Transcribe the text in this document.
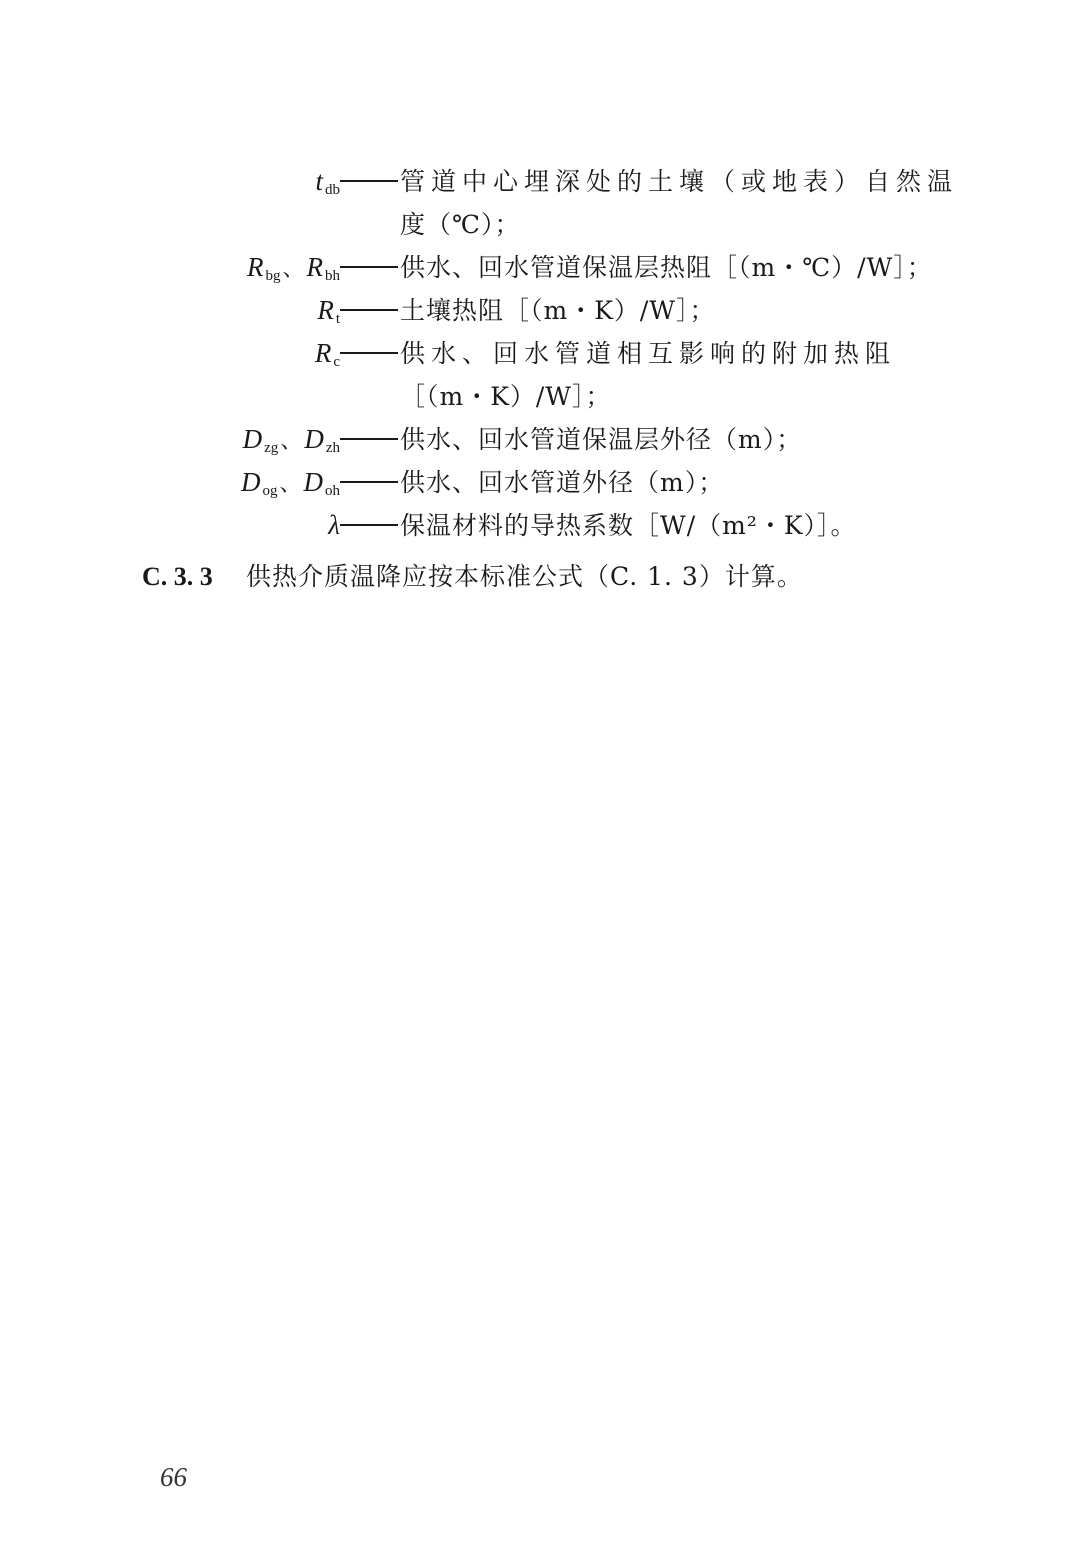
t $_{db}$ 管道中心埋深处的土壤（或地表）自然温
度（℃）；
R $_{bg}$、R $_{bh}$ 供水、回水管道保温层热阻［（m・℃）/W］；
R $_t$ 土壤热阻［（m・K）/W］；
R $_c$ 供水、回水管道相互影响的附加热阻
［（m・K）/W］；
D $_{zg}$、D $_{zh}$ 供水、回水管道保温层外径（m）；
D $_{og}$、D $_{oh}$ 供水、回水管道外径（m）；
λ 保温材料的导热系数［W/（m²・K）］。
C. 3. 3	供热介质温降应按本标准公式（C. 1. 3）计算。
66
